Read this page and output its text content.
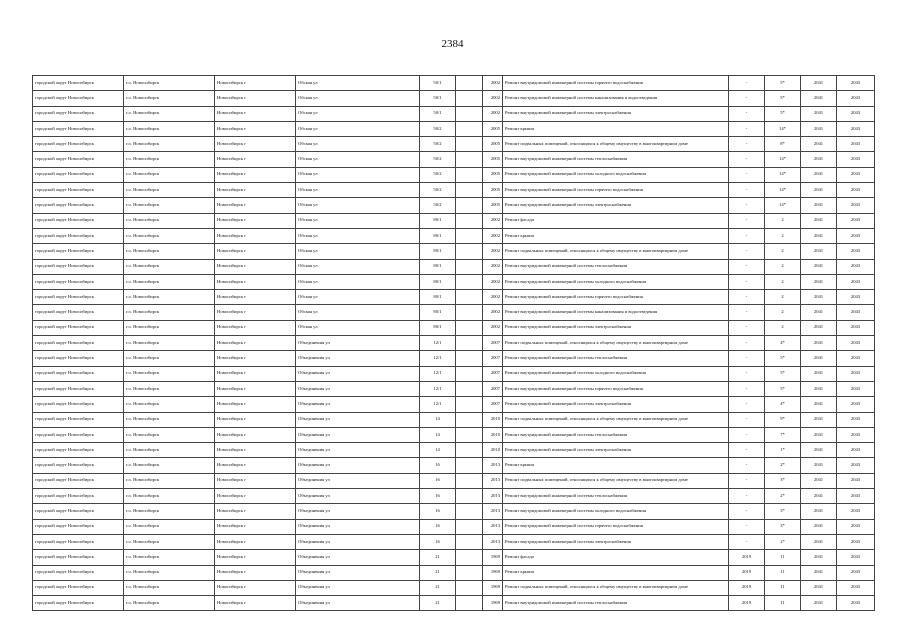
2384
городской округ Новосибирск	г.о. Новосибирск	Новосибирск г	Обская ул	50/1		2002	Ремонт внутридомовой инженерной системы горячего водоснабжения	-	5*	2041	2043
городской округ Новосибирск	г.о. Новосибирск	Новосибирск г	Обская ул	50/1		2002	Ремонт внутридомовой инженерной системы канализования и водоотведения	-	5*	2041	2043
городской округ Новосибирск	г.о. Новосибирск	Новосибирск г	Обская ул	50/1		2002	Ремонт внутридомовой инженерной системы электроснабжения	-	5*	2041	2043
городской округ Новосибирск	г.о. Новосибирск	Новосибирск г	Обская ул	50/2		2005	Ремонт крыши	-	14*	2041	2043
городской округ Новосибирск	г.о. Новосибирск	Новосибирск г	Обская ул	50/2		2005	Ремонт подвальных помещений, относящихся к общему имуществу в многоквартирном доме	-	8*	2041	2043
городской округ Новосибирск	г.о. Новосибирск	Новосибирск г	Обская ул	50/2		2005	Ремонт внутридомовой инженерной системы теплоснабжения	-	14*	2041	2043
городской округ Новосибирск	г.о. Новосибирск	Новосибирск г	Обская ул	50/2		2005	Ремонт внутридомовой инженерной системы холодного водоснабжения	-	14*	2041	2043
городской округ Новосибирск	г.о. Новосибирск	Новосибирск г	Обская ул	50/2		2005	Ремонт внутридомовой инженерной системы горячего водоснабжения	-	14*	2041	2043
городской округ Новосибирск	г.о. Новосибирск	Новосибирск г	Обская ул	50/2		2005	Ремонт внутридомовой инженерной системы электроснабжения	-	14*	2041	2043
городской округ Новосибирск	г.о. Новосибирск	Новосибирск г	Обская ул	80/1		2002	Ремонт фасада	-	2	2041	2043
городской округ Новосибирск	г.о. Новосибирск	Новосибирск г	Обская ул	80/1		2002	Ремонт крыши	-	2	2041	2043
городской округ Новосибирск	г.о. Новосибирск	Новосибирск г	Обская ул	80/1		2002	Ремонт подвальных помещений, относящихся к общему имуществу в многоквартирном доме	-	2	2041	2043
городской округ Новосибирск	г.о. Новосибирск	Новосибирск г	Обская ул	80/1		2002	Ремонт внутридомовой инженерной системы теплоснабжения	-	2	2041	2043
городской округ Новосибирск	г.о. Новосибирск	Новосибирск г	Обская ул	80/1		2002	Ремонт внутридомовой инженерной системы холодного водоснабжения	-	2	2041	2043
городской округ Новосибирск	г.о. Новосибирск	Новосибирск г	Обская ул	80/1		2002	Ремонт внутридомовой инженерной системы горячего водоснабжения	-	2	2041	2043
городской округ Новосибирск	г.о. Новосибирск	Новосибирск г	Обская ул	80/1		2002	Ремонт внутридомовой инженерной системы канализования и водоотведения	-	2	2041	2043
городской округ Новосибирск	г.о. Новосибирск	Новосибирск г	Обская ул	80/1		2002	Ремонт внутридомовой инженерной системы электроснабжения	-	2	2041	2043
городской округ Новосибирск	г.о. Новосибирск	Новосибирск г	Объединения ул	12/1		2007	Ремонт подвальных помещений, относящихся к общему имуществу в многоквартирном доме	-	4*	2041	2043
городской округ Новосибирск	г.о. Новосибирск	Новосибирск г	Объединения ул	12/1		2007	Ремонт внутридомовой инженерной системы теплоснабжения	-	5*	2041	2043
городской округ Новосибирск	г.о. Новосибирск	Новосибирск г	Объединения ул	12/1		2007	Ремонт внутридомовой инженерной системы холодного водоснабжения	-	5*	2041	2043
городской округ Новосибирск	г.о. Новосибирск	Новосибирск г	Объединения ул	12/1		2007	Ремонт внутридомовой инженерной системы горячего водоснабжения	-	5*	2041	2043
городской округ Новосибирск	г.о. Новосибирск	Новосибирск г	Объединения ул	12/1		2007	Ремонт внутридомовой инженерной системы электроснабжения	-	4*	2041	2043
городской округ Новосибирск	г.о. Новосибирск	Новосибирск г	Объединения ул	14		2010	Ремонт подвальных помещений, относящихся к общему имуществу в многоквартирном доме	-	9*	2041	2043
городской округ Новосибирск	г.о. Новосибирск	Новосибирск г	Объединения ул	14		2010	Ремонт внутридомовой инженерной системы теплоснабжения	-	7*	2041	2043
городской округ Новосибирск	г.о. Новосибирск	Новосибирск г	Объединения ул	14		2010	Ремонт внутридомовой инженерной системы электроснабжения	-	1*	2041	2043
городской округ Новосибирск	г.о. Новосибирск	Новосибирск г	Объединения ул	16		2013	Ремонт крыши	-	2*	2041	2043
городской округ Новосибирск	г.о. Новосибирск	Новосибирск г	Объединения ул	16		2013	Ремонт подвальных помещений, относящихся к общему имуществу в многоквартирном доме	-	3*	2041	2043
городской округ Новосибирск	г.о. Новосибирск	Новосибирск г	Объединения ул	16		2013	Ремонт внутридомовой инженерной системы теплоснабжения	-	2*	2041	2043
городской округ Новосибирск	г.о. Новосибирск	Новосибирск г	Объединения ул	16		2013	Ремонт внутридомовой инженерной системы холодного водоснабжения	-	3*	2041	2043
городской округ Новосибирск	г.о. Новосибирск	Новосибирск г	Объединения ул	16		2013	Ремонт внутридомовой инженерной системы горячего водоснабжения	-	3*	2041	2043
городской округ Новосибирск	г.о. Новосибирск	Новосибирск г	Объединения ул	16		2013	Ремонт внутридомовой инженерной системы электроснабжения	-	2*	2041	2043
городской округ Новосибирск	г.о. Новосибирск	Новосибирск г	Объединения ул	21		1969	Ремонт фасада	2019	11	2041	2043
городской округ Новосибирск	г.о. Новосибирск	Новосибирск г	Объединения ул	21		1969	Ремонт крыши	2019	11	2041	2043
городской округ Новосибирск	г.о. Новосибирск	Новосибирск г	Объединения ул	21		1969	Ремонт подвальных помещений, относящихся к общему имуществу в многоквартирном доме	2019	11	2041	2043
городской округ Новосибирск	г.о. Новосибирск	Новосибирск г	Объединения ул	21		1969	Ремонт внутридомовой инженерной системы теплоснабжения	2019	11	2041	2043
